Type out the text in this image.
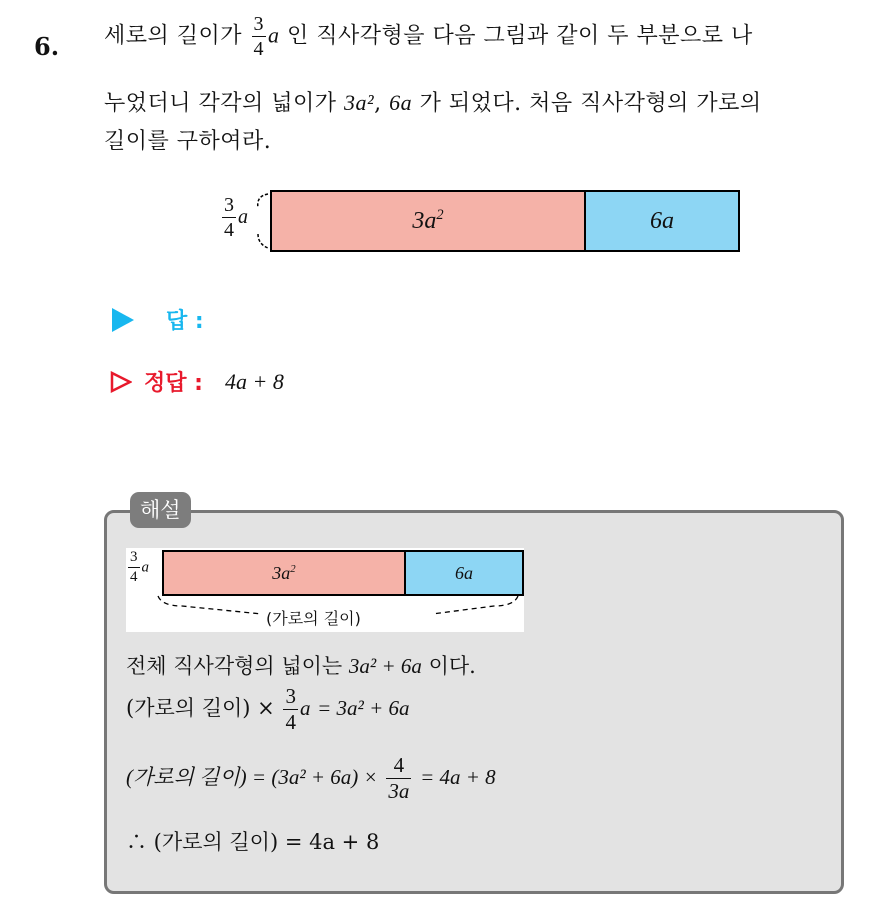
6. 세로의 길이가 $\frac{3}{4}$ a 인 직사각형을 다음 그림과 같이 두 부분으로 나
누었더니 각각의 넓이가 3a², 6a 가 되었다. 처음 직사각형의 가로의
길이를 구하여라.
$\frac{3}{4}$ a	$3a^2$	6a
답 :
정답 : 4a + 8
해설
$\frac{3}{4}$ a	$3a^2$	6a
(가로의 길이)
전체 직사각형의 넓이는 3a² + 6a 이다.
(가로의 길이) × $\frac{3}{4}$ a = 3a² + 6a
(가로의 길이) = $(3a^2 + 6a) \times \frac{4}{3a} = 4a + 8$
∴ (가로의 길이) = 4a + 8
